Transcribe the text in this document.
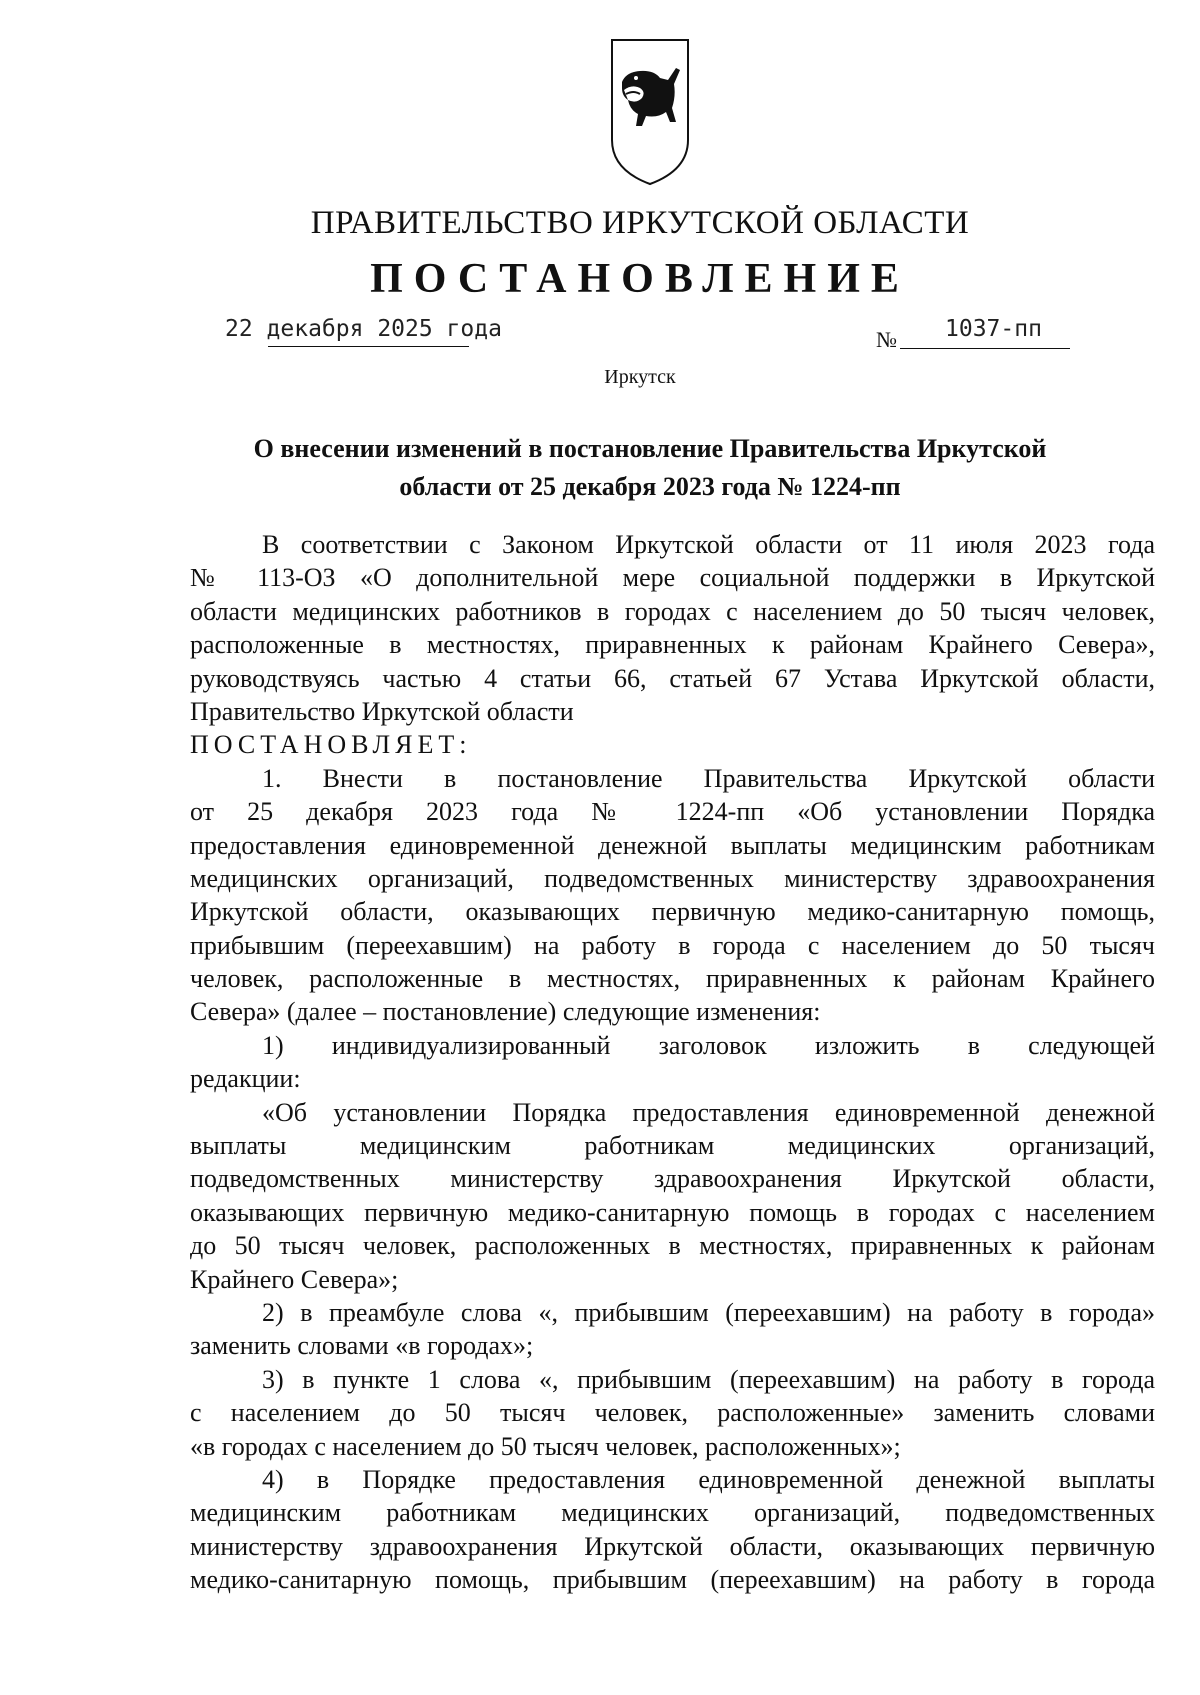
ПРАВИТЕЛЬСТВО ИРКУТСКОЙ ОБЛАСТИ
ПОСТАНОВЛЕНИЕ
22 декабря 2025 года	№ 1037-пп
Иркутск
О внесении изменений в постановление Правительства Иркутской
области от 25 декабря 2023 года № 1224-пп
В соответствии с Законом Иркутской области от 11 июля 2023 года
№ 113-ОЗ «О дополнительной мере социальной поддержки в Иркутской
области медицинских работников в городах с населением до 50 тысяч человек,
расположенные в местностях, приравненных к районам Крайнего Севера»,
руководствуясь частью 4 статьи 66, статьей 67 Устава Иркутской области,
Правительство Иркутской области
ПОСТАНОВЛЯЕТ:
1. Внести в постановление Правительства Иркутской области
от 25 декабря 2023 года № 1224-пп «Об установлении Порядка
предоставления единовременной денежной выплаты медицинским работникам
медицинских организаций, подведомственных министерству здравоохранения
Иркутской области, оказывающих первичную медико-санитарную помощь,
прибывшим (переехавшим) на работу в города с населением до 50 тысяч
человек, расположенные в местностях, приравненных к районам Крайнего
Севера» (далее – постановление) следующие изменения:
1) индивидуализированный заголовок изложить в следующей
редакции:
«Об установлении Порядка предоставления единовременной денежной
выплаты медицинским работникам медицинских организаций,
подведомственных министерству здравоохранения Иркутской области,
оказывающих первичную медико-санитарную помощь в городах с населением
до 50 тысяч человек, расположенных в местностях, приравненных к районам
Крайнего Севера»;
2) в преамбуле слова «, прибывшим (переехавшим) на работу в города»
заменить словами «в городах»;
3) в пункте 1 слова «, прибывшим (переехавшим) на работу в города
с населением до 50 тысяч человек, расположенные» заменить словами
«в городах с населением до 50 тысяч человек, расположенных»;
4) в Порядке предоставления единовременной денежной выплаты
медицинским работникам медицинских организаций, подведомственных
министерству здравоохранения Иркутской области, оказывающих первичную
медико-санитарную помощь, прибывшим (переехавшим) на работу в города
